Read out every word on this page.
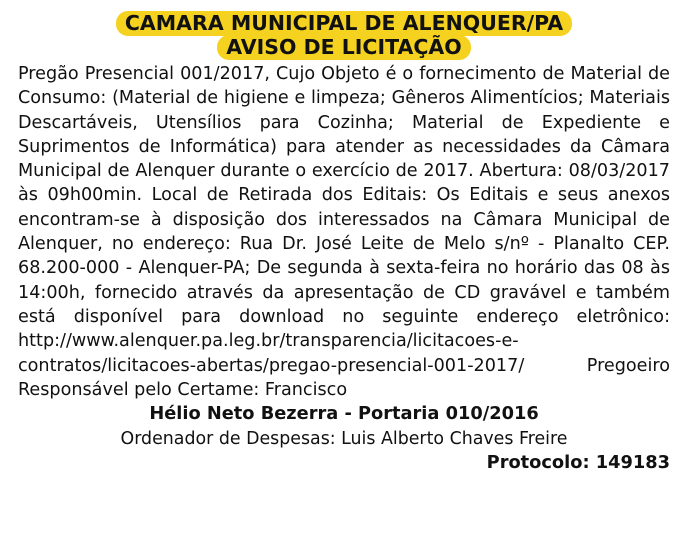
CAMARA MUNICIPAL DE ALENQUER/PA
AVISO DE LICITAÇÃO
Pregão Presencial 001/2017, Cujo Objeto é o fornecimento de Material de Consumo: (Material de higiene e limpeza; Gêneros Alimentícios; Materiais Descartáveis, Utensílios para Cozinha; Material de Expediente e Suprimentos de Informática) para atender as necessidades da Câmara Municipal de Alenquer durante o exercício de 2017. Abertura: 08/03/2017 às 09h00min. Local de Retirada dos Editais: Os Editais e seus anexos encontram-se à disposição dos interessados na Câmara Municipal de Alenquer, no endereço: Rua Dr. José Leite de Melo s/nº - Planalto CEP. 68.200-000 - Alenquer-PA; De segunda à sexta-feira no horário das 08 às 14:00h, fornecido através da apresentação de CD gravável e também está disponível para download no seguinte endereço eletrônico: http://www.alenquer.pa.leg.br/transparencia/licitacoes-e-contratos/licitacoes-abertas/pregao-presencial-001-2017/ Pregoeiro Responsável pelo Certame: Francisco
Hélio Neto Bezerra - Portaria 010/2016
Ordenador de Despesas: Luis Alberto Chaves Freire
Protocolo: 149183
